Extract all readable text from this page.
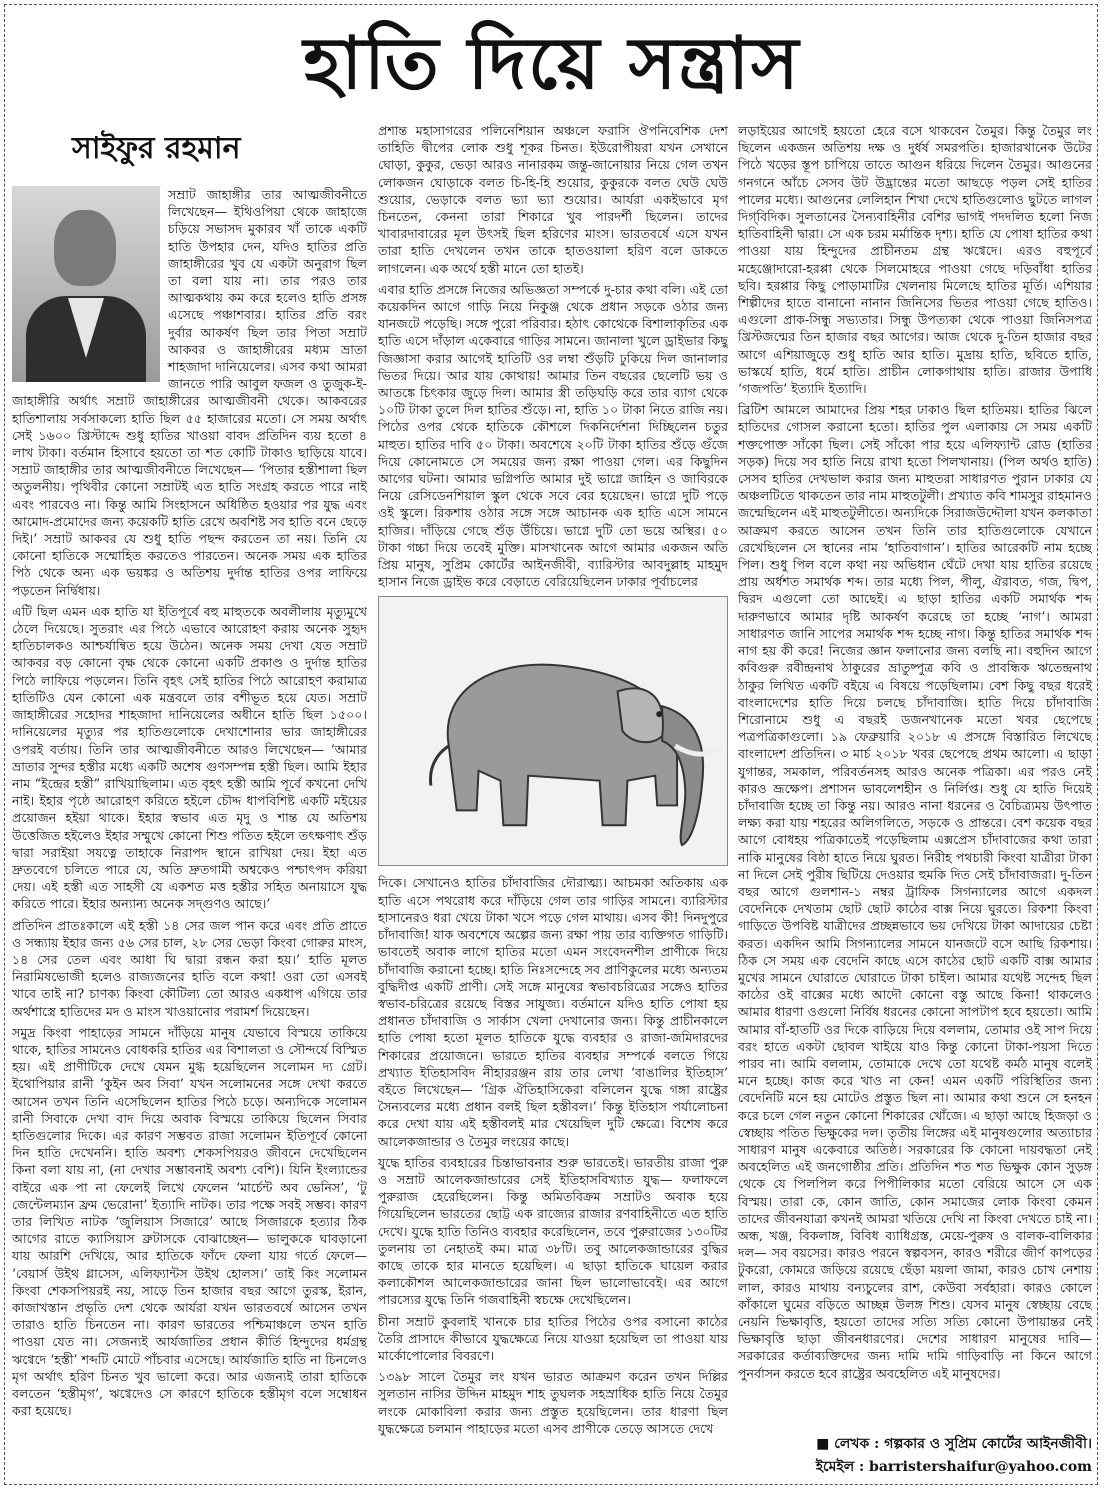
হাতি দিয়ে সন্ত্রাস
সাইফুর রহমান

সম্রাট জাহাঙ্গীর তার আত্মজীবনীতে লিখেছেন— ইথিওপিয়া থেকে জাহাজে চড়িয়ে সভাসদ মুকারব খাঁ তাকে একটি হাতি উপহার দেন, যদিও হাতির প্রতি জাহাঙ্গীরের খুব যে একটা অনুরাগ ছিল তা বলা যায় না। তার পরও তার আত্মকথায় কম করে হলেও হাতি প্রসঙ্গ এসেছে পঞ্চাশবার। হাতির প্রতি বরং দুর্বার আকর্ষণ ছিল তার পিতা সম্রাট আকবর ও জাহাঙ্গীরের মধ্যম ভ্রাতা শাহজাদা দানিয়েলের। এসব কথা আমরা জানতে পারি আবুল ফজল ও তুজুক-ই-জাহাঙ্গীরি অর্থাৎ সম্রাট জাহাঙ্গীরের আত্মজীবনী থেকে। আকবরের হাতিশালায় সর্বসাকল্যে হাতি ছিল ৫৫ হাজারের মতো। সে সময় অর্থাৎ সেই ১৬০০ খ্রিস্টাব্দে শুধু হাতির খাওয়া বাবদ প্রতিদিন ব্যয় হতো ৪ লাখ টাকা। বর্তমান হিসাবে হয়তো তা শত কোটি টাকাও ছাড়িয়ে যাবে। সম্রাট জাহাঙ্গীর তার আত্মজীবনীতে লিখেছেন— ‘পিতার হস্তীশালা ছিল অতুলনীয়। পৃথিবীর কোনো সম্রাটই এত হাতি সংগ্রহ করতে পারে নাই এবং পারবেও না। কিন্তু আমি সিংহাসনে অধিষ্ঠিত হওয়ার পর যুদ্ধ এবং আমোদ-প্রমোদের জন্য কয়েকটি হাতি রেখে অবশিষ্ট সব হাতি বনে ছেড়ে দিই।’ সম্রাট আকবর যে শুধু হাতি পছন্দ করতেন তা নয়। তিনি যে কোনো হাতিকে সম্মোহিত করতেও পারতেন। অনেক সময় এক হাতির পিঠ থেকে অন্য এক ভয়ঙ্কর ও অতিশয় দুর্দান্ত হাতির ওপর লাফিয়ে পড়তেন নির্দ্বিধায়।

এটি ছিল এমন এক হাতি যা ইতিপূর্বে বহু মাহুতকে অবলীলায় মৃত্যুমুখে ঠেলে দিয়েছে। সুতরাং এর পিঠে এভাবে আরোহণ করায় অনেক সুহৃদ হাতিচালকও আশ্চর্যান্বিত হয়ে উঠেন। অনেক সময় দেখা যেত সম্রাট আকবর বড় কোনো বৃক্ষ থেকে কোনো একটি প্রকাণ্ড ও দুর্দান্ত হাতির পিঠে লাফিয়ে পড়লেন। তিনি বৃহৎ সেই হাতির পিঠে আরোহণ করামাত্র হাতিটিও যেন কোনো এক মন্ত্রবলে তার বশীভূত হয়ে যেত। সম্রাট জাহাঙ্গীরের সহোদর শাহজাদা দানিয়েলের অধীনে হাতি ছিল ১৫০০। দানিয়েলের মৃত্যুর পর হাতিগুলোকে দেখাশোনার ভার জাহাঙ্গীরের ওপরই বর্তায়। তিনি তার আত্মজীবনীতে আরও লিখেছেন— ‘আমার ভ্রাতার সুন্দর হস্তীর মধ্যে একটি অশেষ গুণসম্পন্ন হস্তী ছিল। আমি ইহার নাম “ইন্দ্রের হস্তী” রাখিয়াছিলাম। এত বৃহৎ হস্তী আমি পূর্বে কখনো দেখি নাই। ইহার পৃষ্ঠে আরোহণ করিতে হইলে চৌদ্দ ধাপবিশিষ্ট একটি মইয়ের প্রয়োজন হইয়া থাকে। ইহার স্বভাব এত মৃদু ও শান্ত যে অতিশয় উত্তেজিত হইলেও ইহার সম্মুখে কোনো শিশু পতিত হইলে তৎক্ষণাৎ শুঁড় দ্বারা সরাইয়া সযত্নে তাহাকে নিরাপদ স্থানে রাখিয়া দেয়। ইহা এত দ্রুতবেগে চলিতে পারে যে, অতি দ্রুতগামী অশ্বকেও পশ্চাৎপদ করিয়া দেয়। এই হস্তী এত সাহসী যে একশত মত্ত হস্তীর সহিত অনায়াসে যুদ্ধ করিতে পারে। ইহার অন্যান্য অনেক সদ্গুণও আছে।’

প্রতিদিন প্রাতঃকালে এই হস্তী ১৪ সের জল পান করে এবং প্রতি প্রাতে ও সন্ধ্যায় ইহার জন্য ৫৬ সের চাল, ২৮ সের ভেড়া কিংবা গোরুর মাংস, ১৪ সের তেল এবং আধা ঘি দ্বারা রন্ধন করা হয়।’ হাতি মূলত নিরামিষভোজী হলেও রাজ্যজনের হাতি বলে কথা! ওরা তো এসবই খাবে তাই না? চাণক্য কিংবা কৌটিল্য তো আরও একধাপ এগিয়ে তার অর্থশাস্ত্রে হাতিদের মদ ও মাংস খাওয়ানোর পরামর্শ দিয়েছেন।

সমুদ্র কিংবা পাহাড়ের সামনে দাঁড়িয়ে মানুষ যেভাবে বিস্ময়ে তাকিয়ে থাকে, হাতির সামনেও বোধকরি হাতির এর বিশালতা ও সৌন্দর্যে বিস্মিত হয়। এই প্রাণীটিকে দেখে যেমন মুগ্ধ হয়েছিলেন সলোমন দ্য গ্রেট। ইথোপিয়ার রানী ‘কুইন অব সিবা’ যখন সলোমনের সঙ্গে দেখা করতে আসেন তখন তিনি এসেছিলেন হাতির পিঠে চড়ে। অন্যদিকে সলোমন রানী সিবাকে দেখা বাদ দিয়ে অবাক বিস্ময়ে তাকিয়ে ছিলেন সিবার হাতিগুলোর দিকে। এর কারণ সম্ভবত রাজা সলোমন ইতিপূর্বে কোনো দিন হাতি দেখেননি। হাতি অবশ্য শেকসপিয়রও জীবনে দেখেছিলেন কিনা বলা যায় না, (না দেখার সম্ভাবনাই অবশ্য বেশি)। যিনি ইংল্যান্ডের বাইরে এক পা না ফেলেই লিখে ফেলেন ‘মার্চেন্ট অব ভেনিস’, ‘টু জেন্টেলম্যান ফ্রম ভেরোনা’ ইত্যাদি নাটক। তার পক্ষে সবই সম্ভব। কারণ তার লিখিত নাটক ‘জুলিয়াস সিজারে’ আছে সিজারকে হত্যার ঠিক আগের রাতে ক্যাসিয়াস ব্রুটাসকে বোঝাচ্ছেন— ভালুককে ঘাবড়ানো যায় আরশি দেখিয়ে, আর হাতিকে ফাঁদে ফেলা যায় গর্তে ফেলে— ‘বেয়ার্স উইথ গ্লাসেস, এলিফ্যান্টস উইথ হোলস।’ তাই কিং সলোমন কিংবা শেকসপিয়রই নয়, সাড়ে তিন হাজার বছর আগে তুরস্ক, ইরান, কাজাখস্তান প্রভৃতি দেশ থেকে আর্যরা যখন ভারতবর্ষে আসেন তখন তারাও হাতি চিনতেন না। কারণ ভারতের পশ্চিমাঞ্চলে তখন হাতি পাওয়া যেত না। সেজন্যই আর্যজাতির প্রধান কীর্তি হিন্দুদের ধর্মগ্রন্থ ঋগ্বেদে ‘হস্তী’ শব্দটি মোটে পাঁচবার এসেছে। আর্যজাতি হাতি না চিনলেও মৃগ অর্থাৎ হরিণ চিনত খুব ভালো করে। আর এজন্যই তারা হাতিকে বলতেন ‘হস্তীমৃগ’, ঋগ্বেদেও সে কারণে হাতিকে হস্তীমৃগ বলে সম্বোধন করা হয়েছে।

প্রশান্ত মহাসাগরের পলিনেশিয়ান অঞ্চলে ফরাসি ঔপনিবেশিক দেশ তাহিতি দ্বীপের লোক শুধু শূকর চিনত। ইউরোপীয়রা যখন সেখানে ঘোড়া, কুকুর, ভেড়া আরও নানারকম জন্তু-জানোয়ার নিয়ে গেল তখন লোকজন ঘোড়াকে বলত চি-হি-হি শুয়োর, কুকুরকে বলত ঘেউ ঘেউ শুয়োর, ভেড়াকে বলত ভ্যা ভ্যা শুয়োর। আর্যরা একইভাবে মৃগ চিনতেন, কেননা তারা শিকারে খুব পারদর্শী ছিলেন। তাদের খাবারদাবারের মূল উৎসই ছিল হরিণের মাংস। ভারতবর্ষে এসে যখন তারা হাতি দেখলেন তখন তাকে হাতওয়ালা হরিণ বলে ডাকতে লাগলেন। এক অর্থে হস্তী মানে তো হাতই।

এবার হাতি প্রসঙ্গে নিজের অভিজ্ঞতা সম্পর্কে দু-চার কথা বলি। এই তো কয়েকদিন আগে গাড়ি নিয়ে নিকুঞ্জ থেকে প্রধান সড়কে ওঠার জন্য যানজটে পড়েছি। সঙ্গে পুরো পরিবার। হঠাৎ কোথেকে বিশালাকৃতির এক হাতি এসে দাঁড়াল একেবারে গাড়ির সামনে। জানালা খুলে ড্রাইভার কিছু জিজ্ঞাসা করার আগেই হাতিটি ওর লম্বা শুঁড়টি ঢুকিয়ে দিল জানালার ভিতর দিয়ে। আর যায় কোথায়! আমার তিন বছরের ছেলেটি ভয় ও আতঙ্কে চিৎকার জুড়ে দিল। আমার স্ত্রী তড়িঘড়ি করে তার ব্যাগ থেকে ১০টি টাকা তুলে দিল হাতির শুঁড়ে। না, হাতি ১০ টাকা নিতে রাজি নয়। পিঠের ওপর থেকে হাতিকে কৌশলে দিকনির্দেশনা দিচ্ছিলেন চতুর মাহুত। হাতির দাবি ৫০ টাকা। অবশেষে ২০টি টাকা হাতির শুঁড়ে গুঁজে দিয়ে কোনোমতে সে সময়ের জন্য রক্ষা পাওয়া গেল। এর কিছুদিন আগের ঘটনা। আমার ভগ্নিপতি আমার দুই ভাগ্নে জাহিন ও জাবিরকে নিয়ে রেসিডেনশিয়াল স্কুল থেকে সবে বের হয়েছেন। ভাগ্নে দুটি পড়ে ওই স্কুলে। রিকশায় ওঠার সঙ্গে সঙ্গে আচানক এক হাতি এসে সামনে হাজির। দাঁড়িয়ে গেছে শুঁড় উঁচিয়ে। ভাগ্নে দুটি তো ভয়ে অস্থির। ৫০ টাকা গচ্চা দিয়ে তবেই মুক্তি। মাসখানেক আগে আমার একজন অতি প্রিয় মানুষ, সুপ্রিম কোর্টের আইনজীবী, ব্যারিস্টার আবদুল্লাহ মাহমুদ হাসান নিজে ড্রাইভ করে বেড়াতে বেরিয়েছিলেন ঢাকার পূর্বাচলের

দিকে। সেখানেও হাতির চাঁদাবাজির দৌরাত্ম্য। আচমকা অতিকায় এক হাতি এসে পথরোধ করে দাঁড়িয়ে গেল তার গাড়ির সামনে। ব্যারিস্টার হাসানেরও ধরা খেয়ে টাকা খসে পড়ে গেল মাথায়। এসব কী! দিনদুপুরে চাঁদাবাজি! যাক অবশেষে অল্পের জন্য রক্ষা পায় তার ব্যক্তিগত গাড়িটি। ভাবতেই অবাক লাগে হাতির মতো এমন সংবেদনশীল প্রাণীকে দিয়ে চাঁদাবাজি করানো হচ্ছে। হাতি নিঃসন্দেহে সব প্রাণিকুলের মধ্যে অন্যতম বুদ্ধিদীপ্ত একটি প্রাণী। সেই সঙ্গে মানুষের স্বভাবচরিত্রের সঙ্গেও হাতির স্বভাব-চরিত্রের রয়েছে বিস্তর সাযুজ্য। বর্তমানে যদিও হাতি পোষা হয় প্রধানত চাঁদাবাজি ও সার্কাস খেলা দেখানোর জন্য। কিন্তু প্রাচীনকালে হাতি পোষা হতো মূলত হাতিকে যুদ্ধে ব্যবহার ও রাজা-জমিদারদের শিকারের প্রয়োজনে। ভারতে হাতির ব্যবহার সম্পর্কে বলতে গিয়ে প্রখ্যাত ইতিহাসবিদ নীহাররঞ্জন রায় তার লেখা ‘বাঙালির ইতিহাস’ বইতে লিখেছেন— ‘গ্রিক ঐতিহাসিকেরা বলিলেন যুদ্ধে গঙ্গা রাষ্ট্রের সৈন্যবলের মধ্যে প্রধান বলই ছিল হস্তীবল।’ কিন্তু ইতিহাস পর্যালোচনা করে দেখা যায় এই হস্তীবলই মার খেয়েছিল দুটি ক্ষেত্রে। বিশেষ করে আলেকজান্ডার ও তৈমুর লংয়ের কাছে।

যুদ্ধে হাতির ব্যবহারের চিন্তাভাবনার শুরু ভারতেই। ভারতীয় রাজা পুরু ও সম্রাট আলেকজান্ডারের সেই ইতিহাসবিখ্যাত যুদ্ধ— ফলাফলে পুরুরাজ হেরেছিলেন। কিন্তু অমিতবিক্রম সম্রাটও অবাক হয়ে গিয়েছিলেন ভারতের ছোট্ট এক রাজ্যের রাজার রণবাহিনীতে এত হাতি দেখে। যুদ্ধে হাতি তিনিও ব্যবহার করেছিলেন, তবে পুরুরাজের ১৩০টির তুলনায় তা নেহাতই কম। মাত্র ৩৮টি। তবু আলেকজান্ডারের বুদ্ধির কাছে তাকে হার মানতে হয়েছিল। এ ছাড়া হাতিকে ঘায়েল করার কলাকৌশল আলেকজান্ডারের জানা ছিল ভালোভাবেই। এর আগে পারস্যের যুদ্ধে তিনি গজবাহিনী স্বচক্ষে দেখেছিলেন।

চীনা সম্রাট কুবলাই খানকে চার হাতির পিঠের ওপর বসানো কাঠের তৈরি প্রাসাদে কীভাবে যুদ্ধক্ষেত্রে নিয়ে যাওয়া হয়েছিল তা পাওয়া যায় মার্কোপোলোর বিবরণে।

১৩৯৮ সালে তৈমুর লং যখন ভারত আক্রমণ করেন তখন দিল্লির সুলতান নাসির উদ্দিন মাহমুদ শাহ তুঘলক সহস্রাধিক হাতি নিয়ে তৈমুর লংকে মোকাবিলা করার জন্য প্রস্তুত হয়েছিলেন। তার ধারণা ছিল যুদ্ধক্ষেত্রে চলমান পাহাড়ের মতো এসব প্রাণীকে তেড়ে আসতে দেখে

লড়াইয়ের আগেই হয়তো হেরে বসে থাকবেন তৈমুর। কিন্তু তৈমুর লং ছিলেন একজন অতিশয় দক্ষ ও দুর্ধর্ষ সমরপতি। হাজারখানেক উটের পিঠে খড়ের স্তূপ চাপিয়ে তাতে আগুন ধরিয়ে দিলেন তৈমুর। আগুনের গনগনে আঁচে সেসব উট উদ্ভ্রান্তের মতো আছড়ে পড়ল সেই হাতির পালের মধ্যে। আগুনের লেলিহান শিখা দেখে হাতিগুলোও ছুটতে লাগল দিগ্‌বিদিক। সুলতানের সৈন্যবাহিনীর বেশির ভাগই পদদলিত হলো নিজ হাতিবাহিনী দ্বারা। সে এক চরম মর্মান্তিক দৃশ্য। হাতি যে পোষা হাতির কথা পাওয়া যায় হিন্দুদের প্রাচীনতম গ্রন্থ ঋগ্বেদে। এরও বহুপূর্বে মহেঞ্জোদারো-হরপ্পা থেকে সিলমোহরে পাওয়া গেছে দড়িবাঁধা হাতির ছবি। হরপ্পার কিছু পোড়ামাটির খেলনায় মিলেছে হাতির মূর্তি। এশিয়ার শিল্পীদের হাতে বানানো নানান জিনিসের ভিতর পাওয়া গেছে হাতিও। এগুলো প্রাক-সিন্ধু সভ্যতার। সিন্ধু উপত্যকা থেকে পাওয়া জিনিসপত্র খ্রিস্টজন্মের তিন হাজার বছর আগের। আজ থেকে দু-তিন হাজার বছর আগে এশিয়াজুড়ে শুধু হাতি আর হাতি। মুদ্রায় হাতি, ছবিতে হাতি, ভাস্কর্যে হাতি, ধর্মে হাতি। প্রাচীন লোকগাথায় হাতি। রাজার উপাধি ‘গজপতি’ ইত্যাদি ইত্যাদি।

ব্রিটিশ আমলে আমাদের প্রিয় শহর ঢাকাও ছিল হাতিময়। হাতির ঝিলে হাতিদের গোসল করানো হতো। হাতির পুল এলাকায় সে সময় একটি শক্তপোক্ত সাঁকো ছিল। সেই সাঁকো পার হয়ে এলিফ্যান্ট রোড (হাতির সড়ক) দিয়ে সব হাতি নিয়ে রাখা হতো পিলখানায়। (পিল অর্থও হাতি) সেসব হাতির দেখভাল করার জন্য মাহুতরা সাধারণত পুরান ঢাকার যে অঞ্চলটিতে থাকতেন তার নাম মাহুতটুলী। প্রখ্যাত কবি শামসুর রাহমানও জন্মেছিলেন এই মাহুতটুলীতে। অন্যদিকে সিরাজউদ্দৌলা যখন কলকাতা আক্রমণ করতে আসেন তখন তিনি তার হাতিগুলোকে যেখানে রেখেছিলেন সে স্থানের নাম ‘হাতিবাগান’। হাতির আরেকটি নাম হচ্ছে পিল। শুধু পিল বলে কথা নয় অভিধান ঘেঁটে দেখা যায় হাতির রয়েছে প্রায় অর্ধশত সমার্থক শব্দ। তার মধ্যে পিল, পীলু, ঐরাবত, গজ, দ্বিপ, দ্বিরদ এগুলো তো আছেই। এ ছাড়া হাতির একটি সমার্থক শব্দ দারুণভাবে আমার দৃষ্টি আকর্ষণ করেছে তা হচ্ছে ‘নাগ’। আমরা সাধারণত জানি সাপের সমার্থক শব্দ হচ্ছে নাগ। কিন্তু হাতির সমার্থক শব্দ নাগ হয় কী করে! নিজের জ্ঞান ফলানোর জন্য বলছি না। বহুদিন আগে কবিগুরু রবীন্দ্রনাথ ঠাকুরের ভ্রাতুষ্পুত্র কবি ও প্রাবন্ধিক ঋতেন্দ্রনাথ ঠাকুর লিখিত একটি বইয়ে এ বিষয়ে পড়েছিলাম। বেশ কিছু বছর ধরেই বাংলাদেশের হাতি দিয়ে চলছে চাঁদাবাজি। হাতি দিয়ে চাঁদাবাজি শিরোনামে শুধু এ বছরই ডজনখানেক মতো খবর ছেপেছে পত্রপত্রিকাগুলো। ১৯ ফেব্রুয়ারি ২০১৮ এ প্রসঙ্গে বিস্তারিত লিখেছে বাংলাদেশ প্রতিদিন। ৩ মার্চ ২০১৮ খবর ছেপেছে প্রথম আলো। এ ছাড়া যুগান্তর, সমকাল, পরিবর্তনসহ আরও অনেক পত্রিকা। এর পরও নেই কারও ভ্রূক্ষেপ। প্রশাসন ভাবলেশহীন ও নির্লিপ্ত। শুধু যে হাতি দিয়েই চাঁদাবাজি হচ্ছে তা কিন্তু নয়। আরও নানা ধরনের ও বৈচিত্র্যময় উৎপাত লক্ষ্য করা যায় শহরের অলিগলিতে, সড়কে ও প্রান্তরে। বেশ কয়েক বছর আগে বোধহয় পত্রিকাতেই পড়েছিলাম এক্সপ্রেস চাঁদাবাজের কথা তারা নাকি মানুষের বিষ্ঠা হাতে নিয়ে ঘুরত। নিরীহ পথচারী কিংবা যাত্রীরা টাকা না দিলে সেই পুরীষ ছিটিয়ে দেওয়ার হুমকি দিত সেই চাঁদাবাজরা। দু-তিন বছর আগে গুলশান-১ নম্বর ট্রাফিক সিগন্যালের আগে একদল বেদেনিকে দেখতাম ছোট ছোট কাঠের বাক্স নিয়ে ঘুরতে। রিকশা কিংবা গাড়িতে উপবিষ্ট যাত্রীদের প্রচ্ছন্নভাবে ভয় দেখিয়ে টাকা আদায়ের চেষ্টা করত। একদিন আমি সিগন্যালের সামনে যানজটে বসে আছি রিকশায়। ঠিক সে সময় এক বেদেনি কাছে এসে কাঠের ছোট একটি বাক্স আমার মুখের সামনে ঘোরাতে ঘোরাতে টাকা চাইল। আমার যথেষ্ট সন্দেহ ছিল কাঠের ওই বাক্সের মধ্যে আদৌ কোনো বস্তু আছে কিনা! থাকলেও আমার ধারণা ওগুলো নির্বিষ ধরনের কোনো সাপটাপ হবে হয়তো। আমি আমার বাঁ-হাতটি ওর দিকে বাড়িয়ে দিয়ে বললাম, তোমার ওই সাপ দিয়ে বরং হাতে একটা ছোবল খাইয়ে যাও কিন্তু কোনো টাকা-পয়সা দিতে পারব না। আমি বললাম, তোমাকে দেখে তো যথেষ্ট কর্মঠ মানুষ বলেই মনে হচ্ছে। কাজ করে খাও না কেন! এমন একটি পরিস্থিতির জন্য বেদেনিটি মনে হয় মোটেও প্রস্তুত ছিল না। আমার কথা শুনে সে হনহন করে চলে গেল নতুন কোনো শিকারের খোঁজে। এ ছাড়া আছে হিজড়া ও স্বেচ্ছায় পতিত ভিক্ষুকের দল। তৃতীয় লিঙ্গের এই মানুষগুলোর অত্যাচার সাধারণ মানুষ একেবারে অতিষ্ঠ। সরকারের কি কোনো দায়বদ্ধতা নেই অবহেলিত এই জনগোষ্ঠীর প্রতি। প্রতিদিন শত শত ভিক্ষুক কোন সুড়ঙ্গ থেকে যে পিলপিল করে পিপীলিকার মতো বেরিয়ে আসে সে এক বিস্ময়। তারা কে, কোন জাতি, কোন সমাজের লোক কিংবা কেমন তাদের জীবনযাত্রা কখনই আমরা খতিয়ে দেখি না কিংবা দেখতে চাই না। অন্ধ, খঞ্জ, বিকলাঙ্গ, বিবিধ ব্যাধিগ্রস্ত, মেয়ে-পুরুষ ও বালক-বালিকার দল— সব বয়সের। কারও পরনে স্বল্পবসন, কারও শরীরে জীর্ণ কাপড়ের টুকরো, কোমরে জড়িয়ে রয়েছে ছেঁড়া ময়লা জামা, কারও চোখ নেশায় লাল, কারও মাথায় বন্যচুলের রাশ, কেউবা সর্বহারা। কারও কোলে কাঁকালে ঘুমের বড়িতে আচ্ছন্ন উলঙ্গ শিশু। যেসব মানুষ স্বেচ্ছায় বেছে নেয়নি ভিক্ষাবৃত্তি, হয়তো তাদের সত্যি সত্যি কোনো উপায়ান্তর নেই ভিক্ষাবৃত্তি ছাড়া জীবনধারণের। দেশের সাধারণ মানুষের দাবি— সরকারের কর্তাব্যক্তিদের জন্য দামি দামি গাড়িবাড়ি না কিনে আগে পুনর্বাসন করতে হবে রাষ্ট্রের অবহেলিত এই মানুষদের।

■ লেখক : গল্পকার ও সুপ্রিম কোর্টের আইনজীবী।
ইমেইল : barristershaifur@yahoo.com
